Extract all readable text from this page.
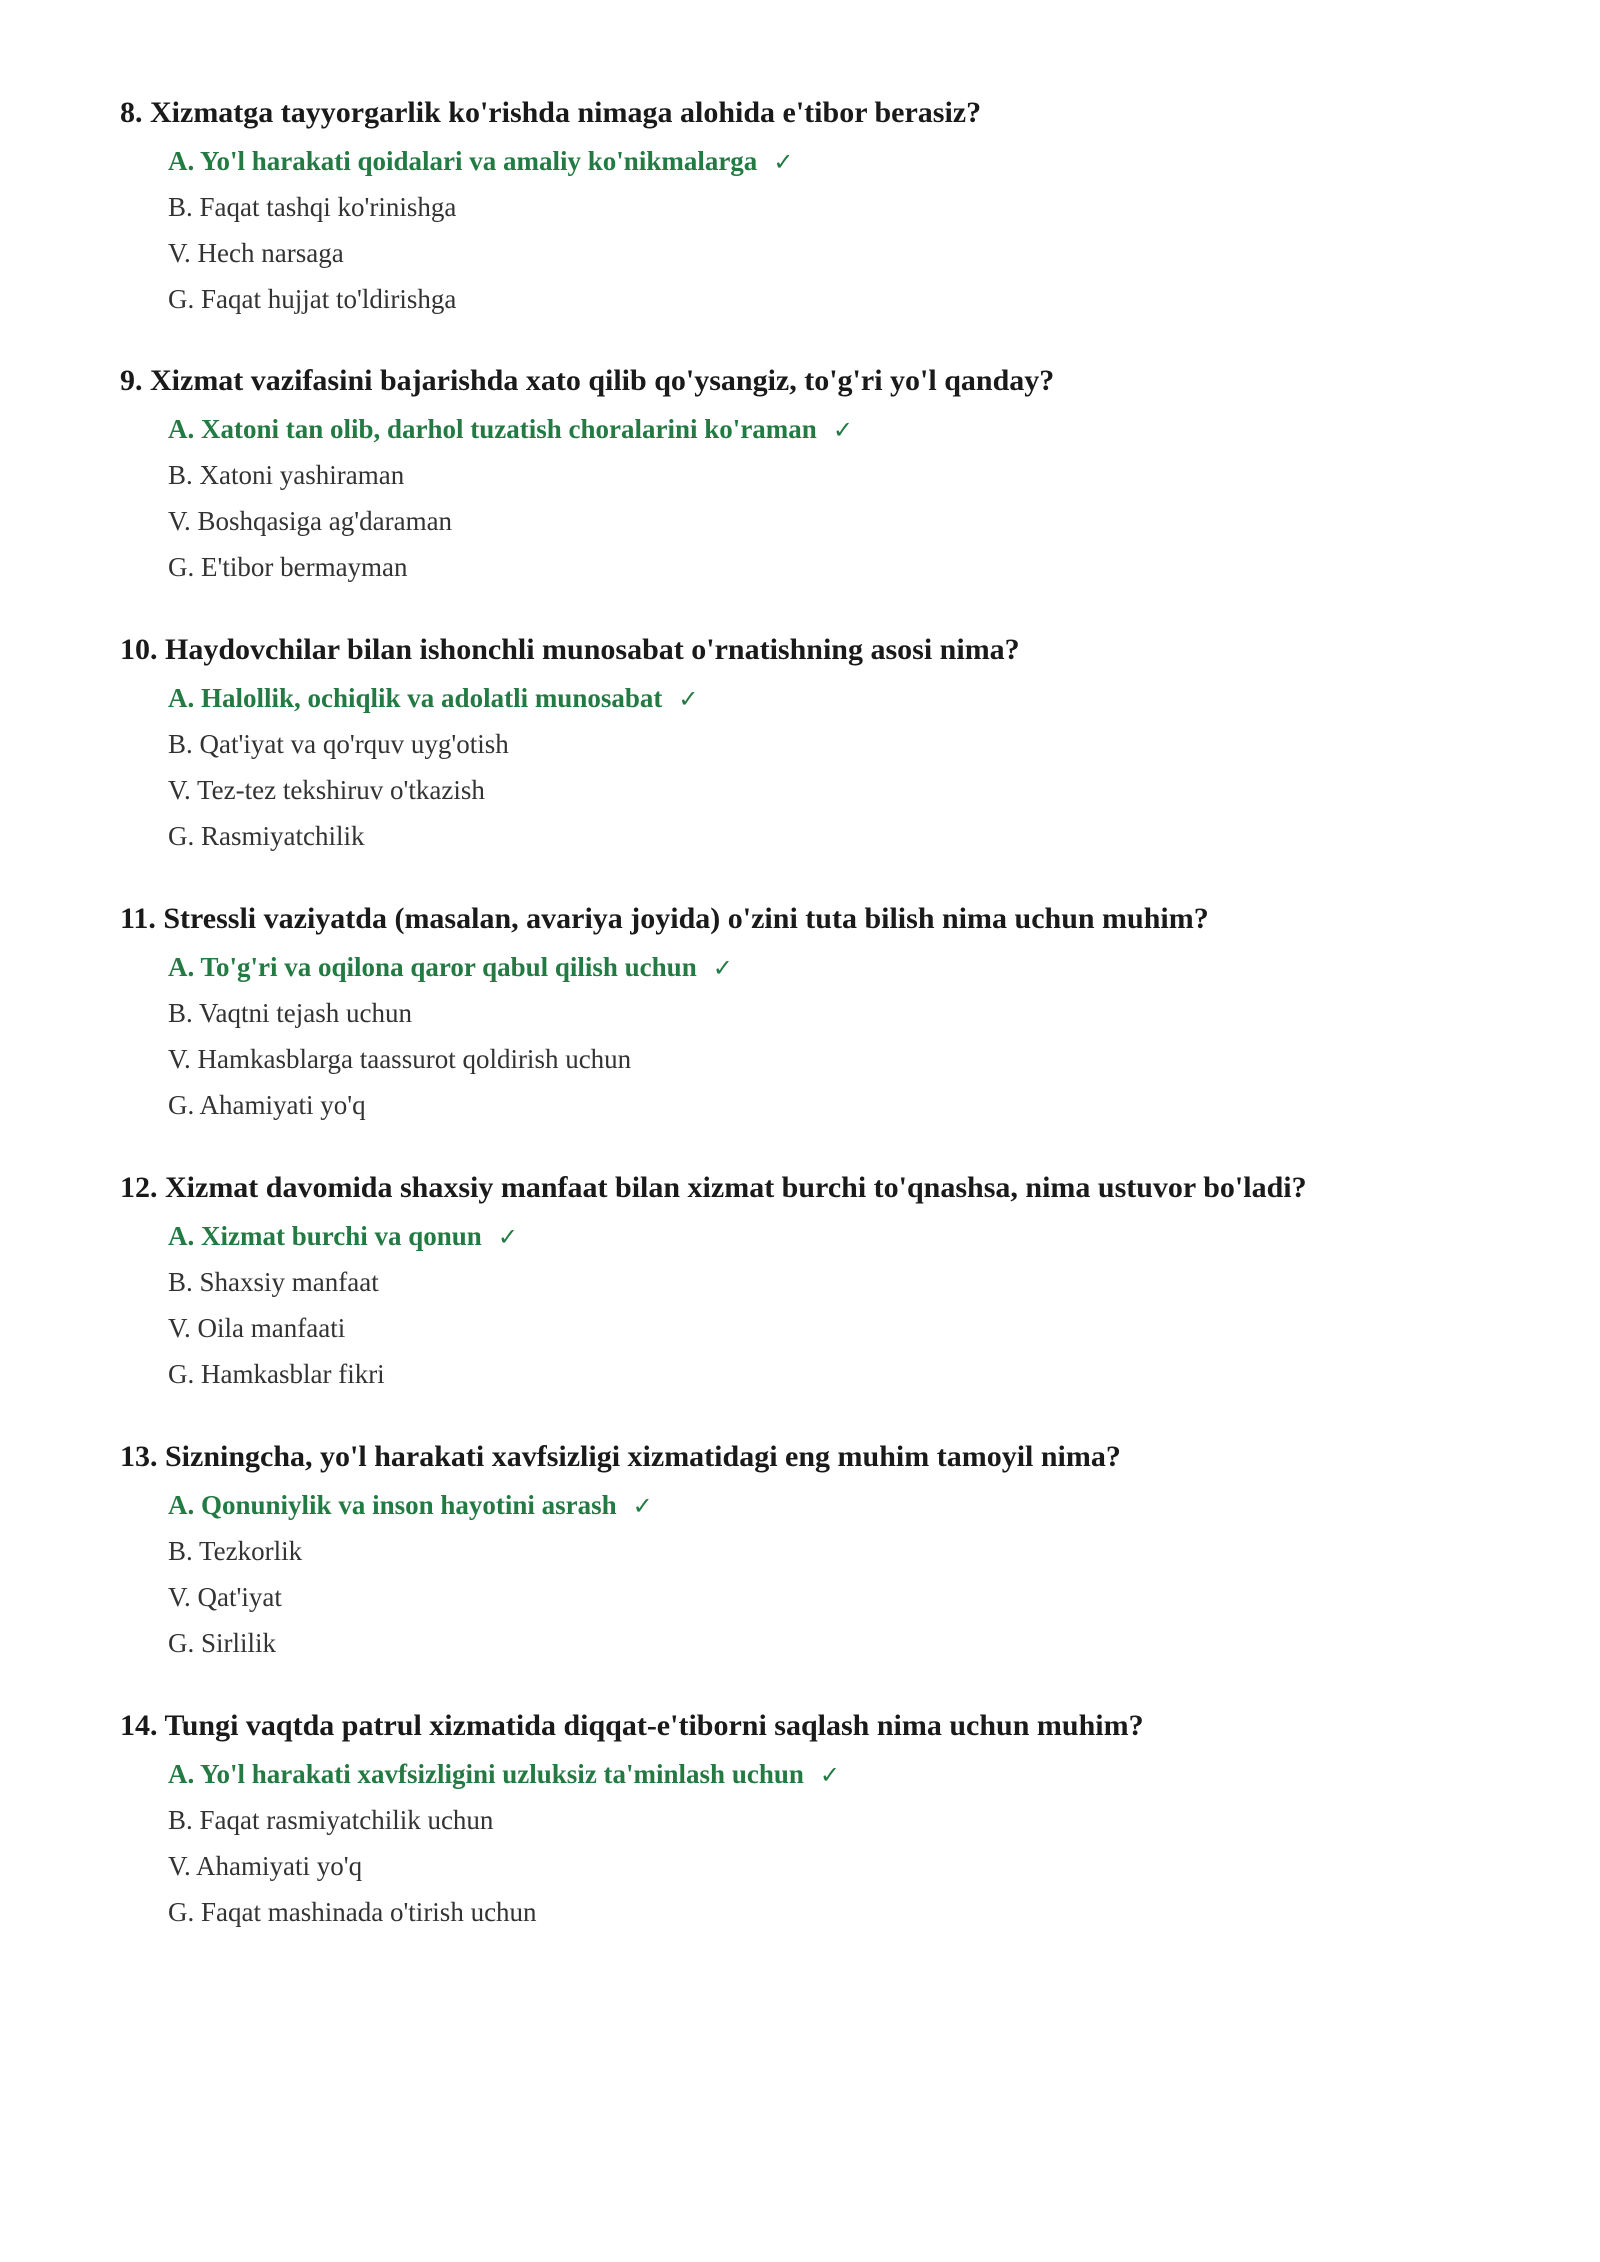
8. Xizmatga tayyorgarlik ko'rishda nimaga alohida e'tibor berasiz?

A. Yo'l harakati qoidalari va amaliy ko'nikmalarga ✓
B. Faqat tashqi ko'rinishga
V. Hech narsaga
G. Faqat hujjat to'ldirishga

9. Xizmat vazifasini bajarishda xato qilib qo'ysangiz, to'g'ri yo'l qanday?

A. Xatoni tan olib, darhol tuzatish choralarini ko'raman ✓
B. Xatoni yashiraman
V. Boshqasiga ag'daraman
G. E'tibor bermayman

10. Haydovchilar bilan ishonchli munosabat o'rnatishning asosi nima?

A. Halollik, ochiqlik va adolatli munosabat ✓
B. Qat'iyat va qo'rquv uyg'otish
V. Tez-tez tekshiruv o'tkazish
G. Rasmiyatchilik

11. Stressli vaziyatda (masalan, avariya joyida) o'zini tuta bilish nima uchun muhim?

A. To'g'ri va oqilona qaror qabul qilish uchun ✓
B. Vaqtni tejash uchun
V. Hamkasblarga taassurot qoldirish uchun
G. Ahamiyati yo'q

12. Xizmat davomida shaxsiy manfaat bilan xizmat burchi to'qnashsa, nima ustuvor bo'ladi?

A. Xizmat burchi va qonun ✓
B. Shaxsiy manfaat
V. Oila manfaati
G. Hamkasblar fikri

13. Sizningcha, yo'l harakati xavfsizligi xizmatidagi eng muhim tamoyil nima?

A. Qonuniylik va inson hayotini asrash ✓
B. Tezkorlik
V. Qat'iyat
G. Sirlilik

14. Tungi vaqtda patrul xizmatida diqqat-e'tiborni saqlash nima uchun muhim?

A. Yo'l harakati xavfsizligini uzluksiz ta'minlash uchun ✓
B. Faqat rasmiyatchilik uchun
V. Ahamiyati yo'q
G. Faqat mashinada o'tirish uchun
